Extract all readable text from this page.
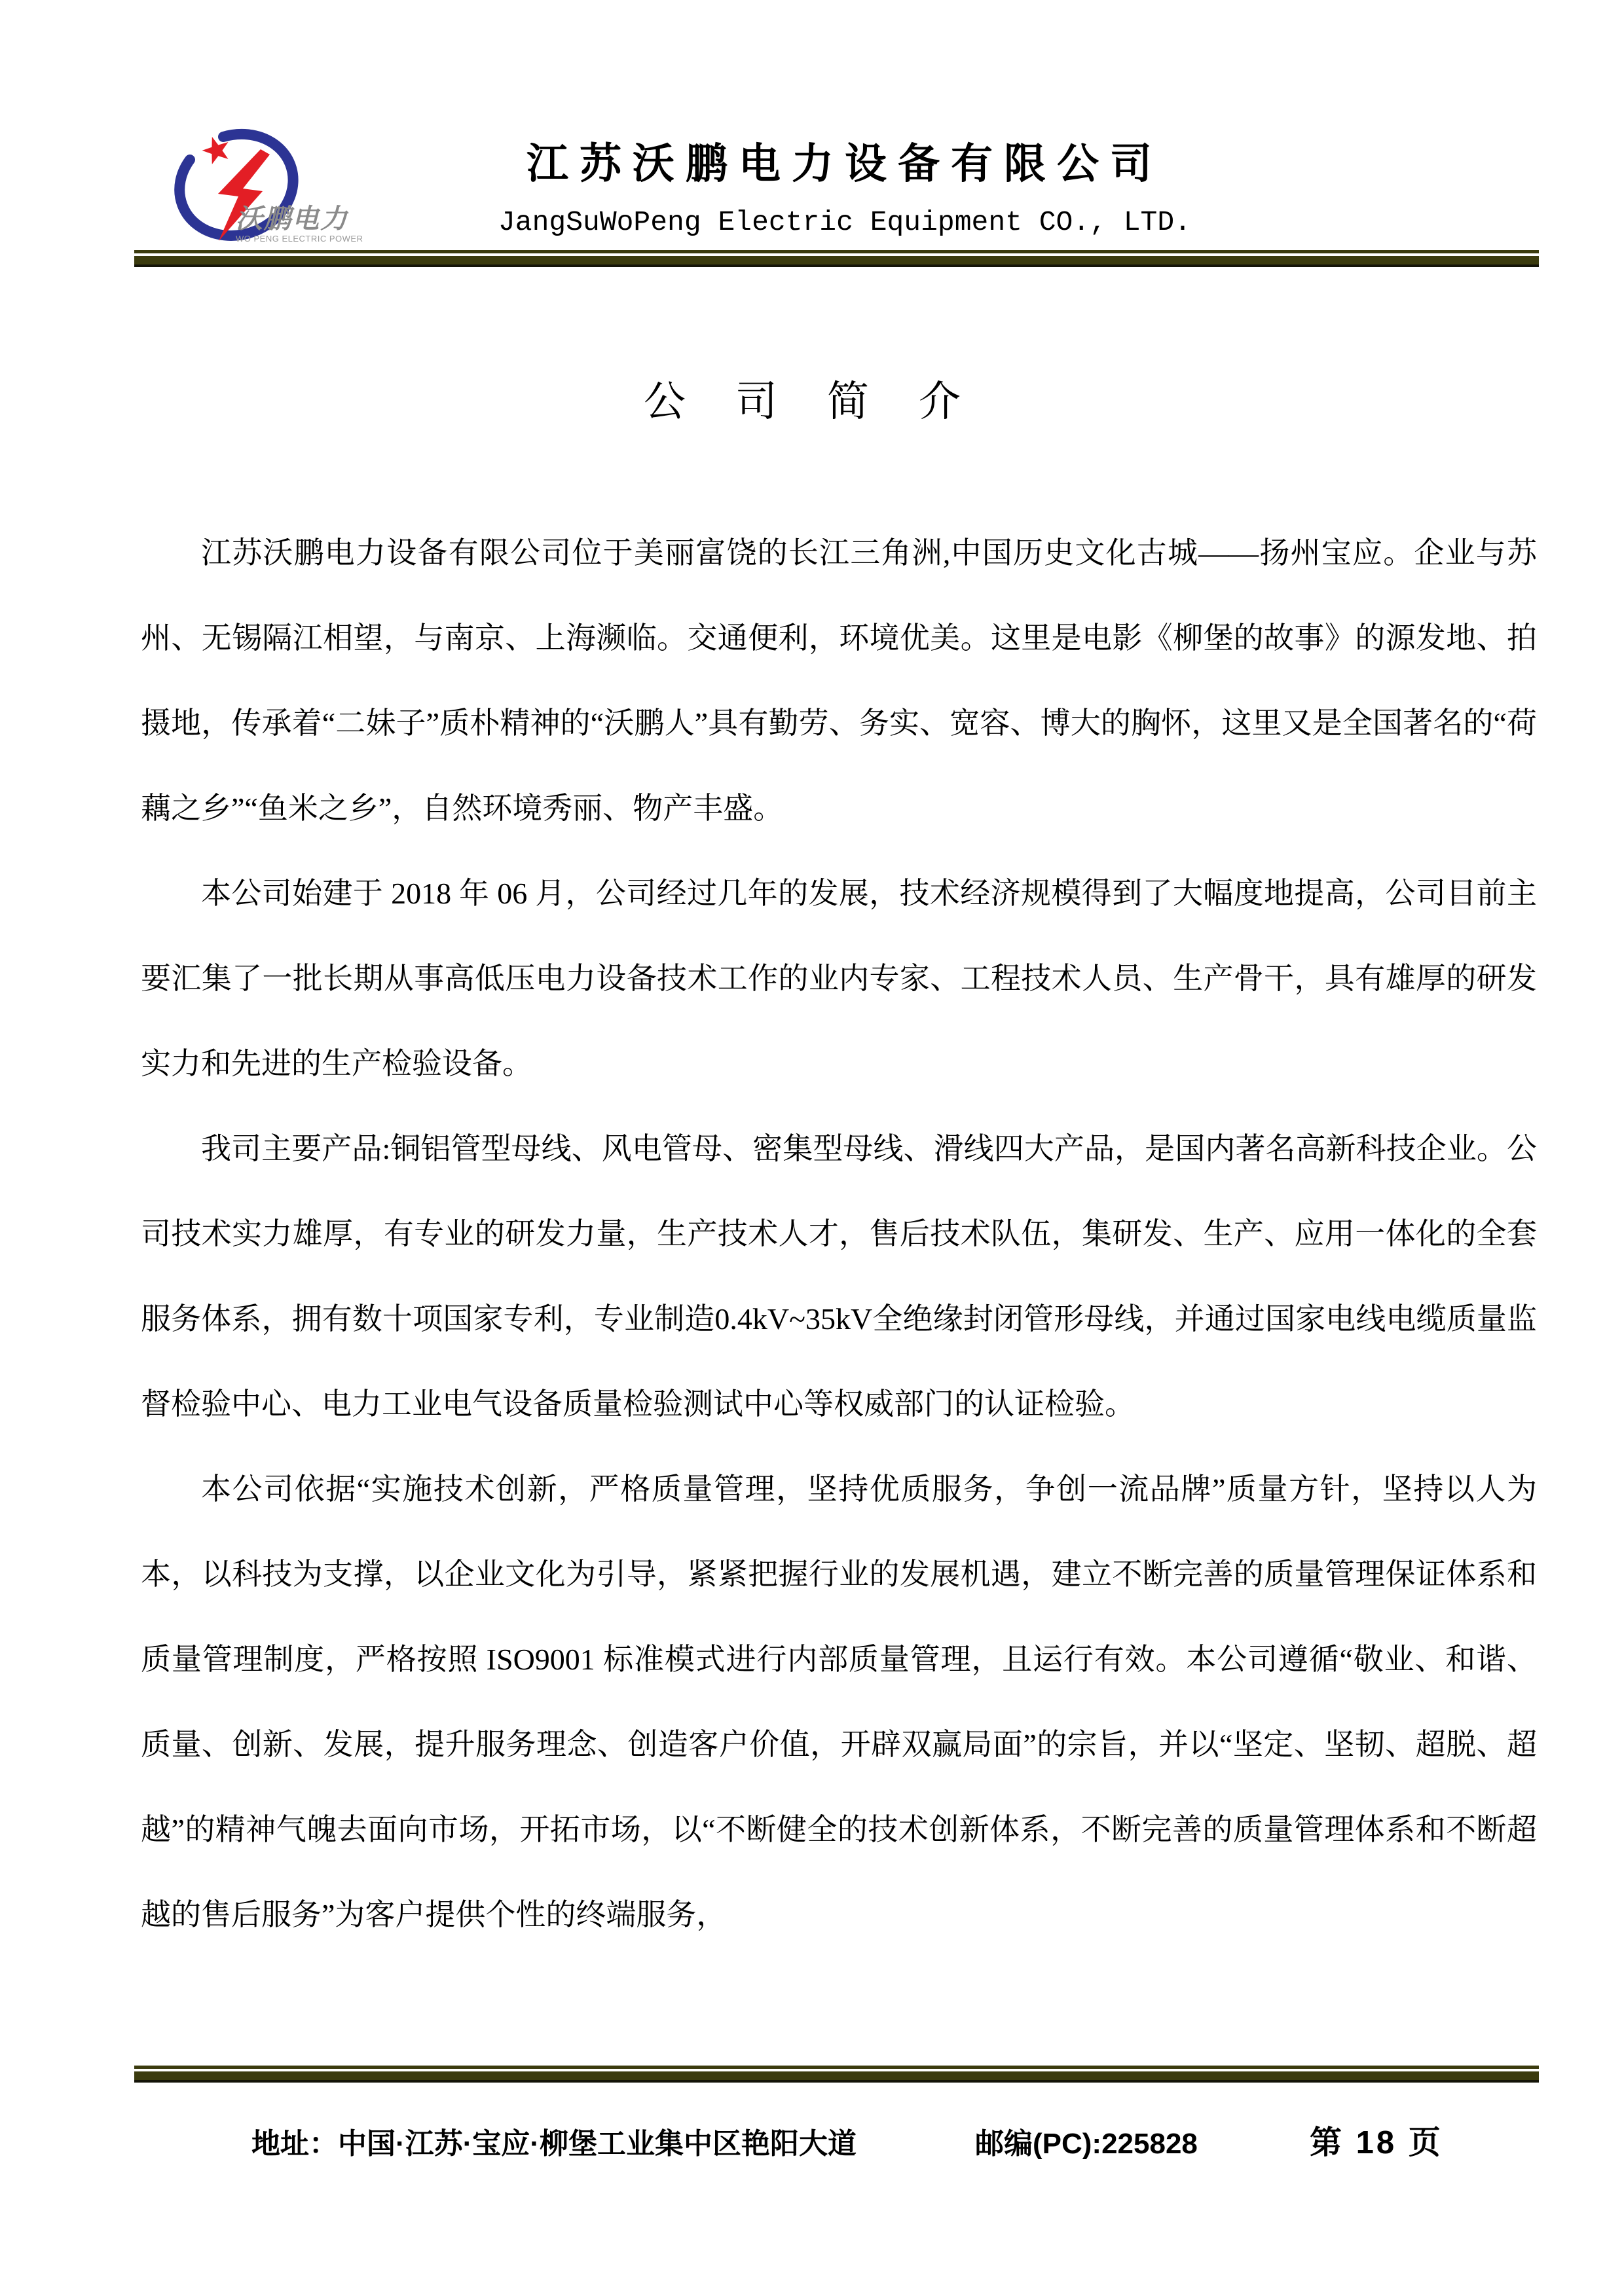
沃鹏电力
WO PENG ELECTRIC POWER
江苏沃鹏电力设备有限公司
JangSuWoPeng Electric Equipment CO., LTD.
公 司 简 介

江苏沃鹏电力设备有限公司位于美丽富饶的长江三角洲,中国历史文化古城——扬州宝应。企业与苏州、无锡隔江相望，与南京、上海濒临。交通便利，环境优美。这里是电影《柳堡的故事》的源发地、拍摄地，传承着“二妹子”质朴精神的“沃鹏人”具有勤劳、务实、宽容、博大的胸怀，这里又是全国著名的“荷藕之乡”“鱼米之乡”，自然环境秀丽、物产丰盛。

本公司始建于 2018 年 06 月，公司经过几年的发展，技术经济规模得到了大幅度地提高，公司目前主要汇集了一批长期从事高低压电力设备技术工作的业内专家、工程技术人员、生产骨干，具有雄厚的研发实力和先进的生产检验设备。

我司主要产品:铜铝管型母线、风电管母、密集型母线、滑线四大产品，是国内著名高新科技企业。公司技术实力雄厚，有专业的研发力量，生产技术人才，售后技术队伍，集研发、生产、应用一体化的全套服务体系，拥有数十项国家专利，专业制造0.4kV~35kV全绝缘封闭管形母线，并通过国家电线电缆质量监督检验中心、电力工业电气设备质量检验测试中心等权威部门的认证检验。

本公司依据“实施技术创新，严格质量管理，坚持优质服务，争创一流品牌”质量方针，坚持以人为本，以科技为支撑，以企业文化为引导，紧紧把握行业的发展机遇，建立不断完善的质量管理保证体系和质量管理制度，严格按照 ISO9001 标准模式进行内部质量管理，且运行有效。本公司遵循“敬业、和谐、质量、创新、发展，提升服务理念、创造客户价值，开辟双赢局面”的宗旨，并以“坚定、坚韧、超脱、超越”的精神气魄去面向市场，开拓市场，以“不断健全的技术创新体系，不断完善的质量管理体系和不断超越的售后服务”为客户提供个性的终端服务，

地址：中国·江苏·宝应·柳堡工业集中区艳阳大道	邮编(PC):225828	第 18 页
